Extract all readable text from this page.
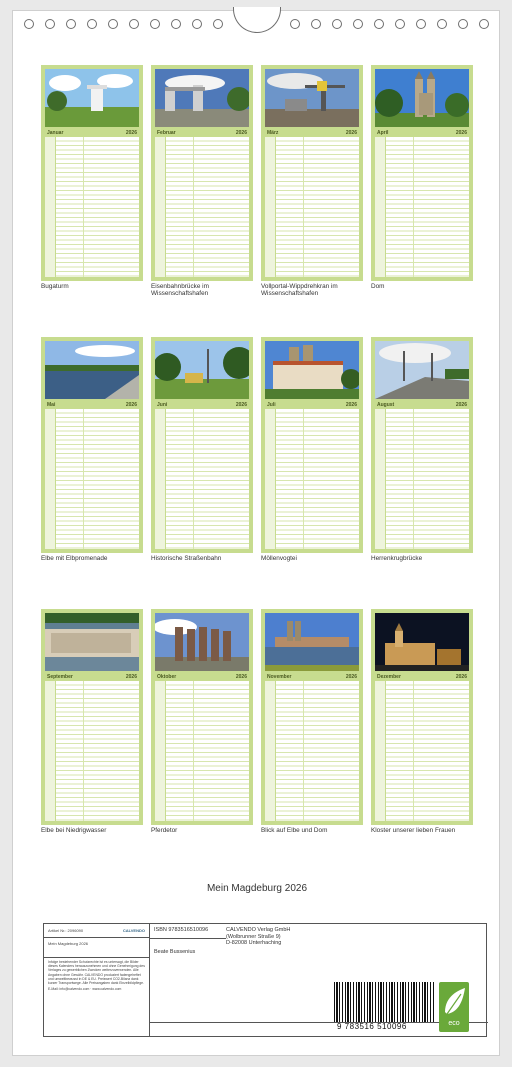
Januar	2026	Februar	2026	März	2026	April	2026
Bugaturm	Eisenbahnbrücke im Wissenschaftshafen
Vollportal-Wippdrehkran im Wissenschaftshafen
Dom
Mai	2026	Juni	2026	Juli	2026	August	2026
Elbe mit Elbpromenade	Historische Straßenbahn	Möllenvogtei	Herrenkrugbrücke
September	2026	Oktober	2026	November	2026	Dezember	2026
Elbe bei Niedrigwasser	Pferdetor	Blick auf Elbe und Dom	Kloster unserer lieben Frauen
Mein Magdeburg 2026
Artikel Nr.: 2096090	CALVENDO
Mein Magdeburg 2026
Infolge bestehender Schutzrechte ist es untersagt, die Bilder dieses Kalenders herauszunehmen und ohne Genehmigung des Verlages zu gewerblichen Zwecken weiterzuverwenden. Alle Angaben ohne Gewähr. CALVENDO produziert fadengeheftet und umweltbewusst in DE & EU. Preiswert CO2-Bilanz dank kurzer Transportwege. Alle Preisangaben dank Einzelbildpflege.
E-Mail: info@calvendo.com · www.calvendo.com
ISBN 9783516510096
Beate Bussenius
CALVENDO Verlag GmbH
(Wolbrunner Straße 9)
D-82008 Unterhaching
9 783516 510096	eco
